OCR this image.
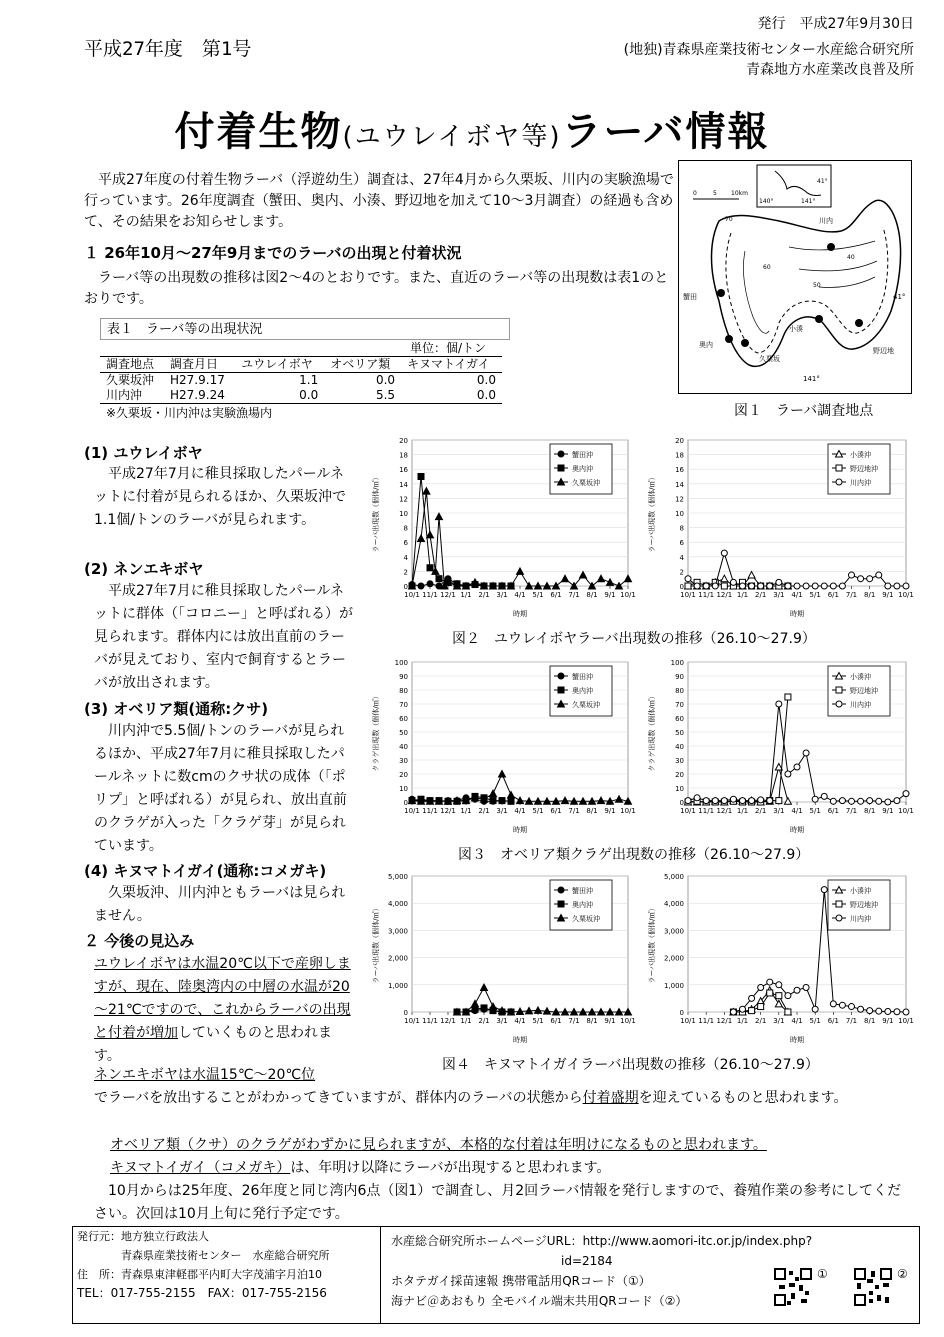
平成27年度　第1号
発行　平成27年9月30日
(地独)青森県産業技術センター水産総合研究所
青森地方水産業改良普及所
付着生物(ユウレイボヤ等)ラーバ情報
　平成27年度の付着生物ラーバ（浮遊幼生）調査は、27年4月から久栗坂、川内の実験漁場で行っています。26年度調査（蟹田、奥内、小湊、野辺地を加えて10～3月調査）の経過も含めて、その結果をお知らせします。
１ 26年10月～27年9月までのラーバの出現と付着状況
　ラーバ等の出現数の推移は図2～4のとおりです。また、直近のラーバ等の出現数は表1のとおりです。
表１　ラーバ等の出現状況
単位：個/トン
調査地点	調査月日	ユウレイボヤ	オベリア類	キヌマトイガイ
久栗坂沖	H27.9.17	1.1	0.0	0.0
川内沖	H27.9.24	0.0	5.5	0.0
※久栗坂・川内沖は実験漁場内
川内
蟹田
奥内
久栗坂
小湊
野辺地
41°
141°
140°	141°
41°
0	5 10km
70
60
50
40
図１　ラーバ調査地点
(1) ユウレイボヤ
　平成27年7月に稚貝採取したパールネットに付着が見られるほか、久栗坂沖で1.1個/トンのラーバが見られます。
(2) ネンエキボヤ
　平成27年7月に稚貝採取したパールネットに群体（「コロニー」と呼ばれる）が見られます。群体内には放出直前のラーバが見えており、室内で飼育するとラーバが放出されます。
(3) オベリア類(通称:クサ)
　川内沖で5.5個/トンのラーバが見られるほか、平成27年7月に稚貝採取したパールネットに数cmのクサ状の成体（「ポリプ」と呼ばれる）が見られ、放出直前のクラゲが入った「クラゲ芽」が見られています。
(4) キヌマトイガイ(通称:コメガキ)
　久栗坂沖、川内沖ともラーバは見られません。
２ 今後の見込み
ユウレイボヤは水温20℃以下で産卵しますが、現在、陸奥湾内の中層の水温が20～21℃ですので、これからラーバの出現と付着が増加していくものと思われます。
ネンエキボヤは水温15℃～20℃位
でラーバを放出することがわかってきていますが、群体内のラーバの状態から付着盛期を迎えているものと思われます。
オベリア類（クサ）のクラゲがわずかに見られますが、本格的な付着は年明けになるものと思われます。
キヌマトイガイ（コメガキ）は、年明け以降にラーバが出現すると思われます。
　10月からは25年度、26年度と同じ湾内6点（図1）で調査し、月2回ラーバ情報を発行しますので、養殖作業の参考にしてください。次回は10月上旬に発行予定です。
0
2
4
6
8
10
12
14
16
18
20
10/1 11/1 12/1 1/1 2/1 3/1 4/1 5/1 6/1 7/1 8/1 9/1 10/1
時期
ラーバ出現数（個体/㎥）
蟹田沖
奥内沖
久栗坂沖
0
2
4
6
8
10
12
14
16
18
20
10/1 11/1 12/1 1/1 2/1 3/1 4/1 5/1 6/1 7/1 8/1 9/1 10/1
時期
ラーバ出現数（個体/㎥）
小湊沖
野辺地沖
川内沖
図２　ユウレイボヤラーバ出現数の推移（26.10～27.9）
0
10
20
30
40
50
60
70
80
90
100
10/1 11/1 12/1 1/1 2/1 3/1 4/1 5/1 6/1 7/1 8/1 9/1 10/1
時期
クラゲ出現数（個体/㎥）
蟹田沖
奥内沖
久栗坂沖
0
10
20
30
40
50
60
70
80
90
100
10/1 11/1 12/1 1/1 2/1 3/1 4/1 5/1 6/1 7/1 8/1 9/1 10/1
時期
クラゲ出現数（個体/㎥）
小湊沖
野辺地沖
川内沖
図３　オベリア類クラゲ出現数の推移（26.10～27.9）
0
1,000
2,000
3,000
4,000
5,000
10/1 11/1 12/1 1/1 2/1 3/1 4/1 5/1 6/1 7/1 8/1 9/1 10/1
時期
ラーバ出現数（個体/㎥）
蟹田沖
奥内沖
久栗坂沖
0
1,000
2,000
3,000
4,000
5,000
10/1 11/1 12/1 1/1 2/1 3/1 4/1 5/1 6/1 7/1 8/1 9/1 10/1
時期
ラーバ出現数（個体/㎥）
小湊沖
野辺地沖
川内沖
図４　キヌマトイガイラーバ出現数の推移（26.10～27.9）
発行元：地方独立行政法人
青森県産業技術センター　水産総合研究所
住　所：青森県東津軽郡平内町大字茂浦字月泊10
TEL：017-755-2155　FAX：017-755-2156
水産総合研究所ホームページURL：http://www.aomori-itc.or.jp/index.php?
id=2184
ホタテガイ採苗速報 携帯電話用QRコード（①）
海ナビ＠あおもり 全モバイル端末共用QRコード（②）
①	②
